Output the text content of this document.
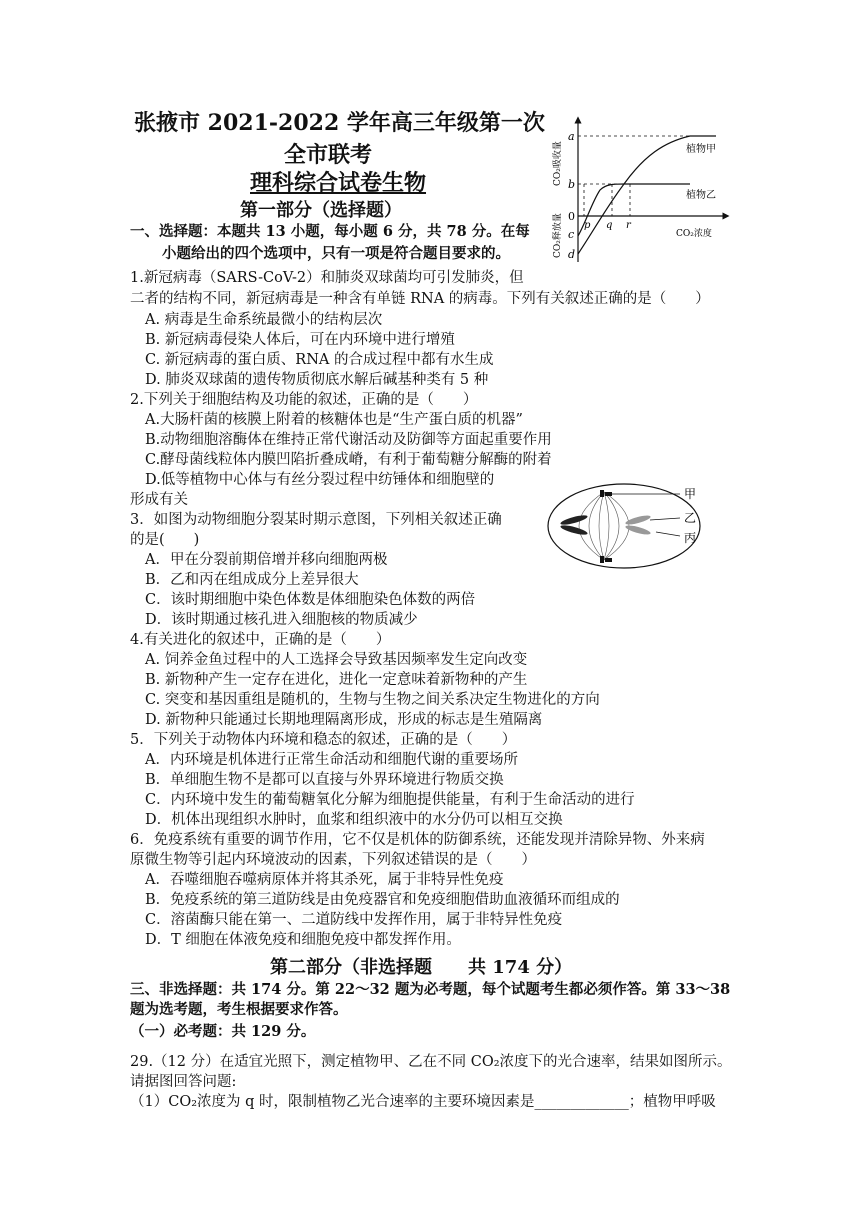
张掖市 2021-2022 学年高三年级第一次
全市联考
理科综合试卷生物
第一部分（选择题）
一、选择题：本题共 13 小题，每小题 6 分，共 78 分。在每
小题给出的四个选项中，只有一项是符合题目要求的。
a
b
0
c
d
p q r
植物甲
植物乙
CO₂浓度
CO₂吸收量
CO₂释放量
1.新冠病毒（SARS-CoV-2）和肺炎双球菌均可引发肺炎，但
二者的结构不同，新冠病毒是一种含有单链 RNA 的病毒。下列有关叙述正确的是（　　）
A. 病毒是生命系统最微小的结构层次
B. 新冠病毒侵染人体后，可在内环境中进行增殖
C. 新冠病毒的蛋白质、RNA 的合成过程中都有水生成
D. 肺炎双球菌的遗传物质彻底水解后碱基种类有 5 种
2.下列关于细胞结构及功能的叙述，正确的是（　　）
A.大肠杆菌的核膜上附着的核糖体也是“生产蛋白质的机器”
B.动物细胞溶酶体在维持正常代谢活动及防御等方面起重要作用
C.酵母菌线粒体内膜凹陷折叠成嵴，有利于葡萄糖分解酶的附着
D.低等植物中心体与有丝分裂过程中纺锤体和细胞壁的
形成有关	甲
乙
丙
3．如图为动物细胞分裂某时期示意图，下列相关叙述正确
的是(　　)
A．甲在分裂前期倍增并移向细胞两极
B．乙和丙在组成成分上差异很大
C．该时期细胞中染色体数是体细胞染色体数的两倍
D．该时期通过核孔进入细胞核的物质减少
4.有关进化的叙述中，正确的是（　　）
A. 饲养金鱼过程中的人工选择会导致基因频率发生定向改变
B. 新物种产生一定存在进化，进化一定意味着新物种的产生
C. 突变和基因重组是随机的，生物与生物之间关系决定生物进化的方向
D. 新物种只能通过长期地理隔离形成，形成的标志是生殖隔离
5．下列关于动物体内环境和稳态的叙述，正确的是（　　）
A．内环境是机体进行正常生命活动和细胞代谢的重要场所
B．单细胞生物不是都可以直接与外界环境进行物质交换
C．内环境中发生的葡萄糖氧化分解为细胞提供能量，有利于生命活动的进行
D．机体出现组织水肿时，血浆和组织液中的水分仍可以相互交换
6．免疫系统有重要的调节作用，它不仅是机体的防御系统，还能发现并清除异物、外来病
原微生物等引起内环境波动的因素，下列叙述错误的是（　　）
A．吞噬细胞吞噬病原体并将其杀死，属于非特异性免疫
B．免疫系统的第三道防线是由免疫器官和免疫细胞借助血液循环而组成的
C．溶菌酶只能在第一、二道防线中发挥作用，属于非特异性免疫
D．T 细胞在体液免疫和细胞免疫中都发挥作用。
第二部分（非选择题　　共 174 分）
三、非选择题：共 174 分。第 22～32 题为必考题，每个试题考生都必须作答。第 33～38
题为选考题，考生根据要求作答。
（一）必考题：共 129 分。
29.（12 分）在适宜光照下，测定植物甲、乙在不同 CO₂浓度下的光合速率，结果如图所示。
请据图回答问题:
（1）CO₂浓度为 q 时，限制植物乙光合速率的主要环境因素是_____________；植物甲呼吸
